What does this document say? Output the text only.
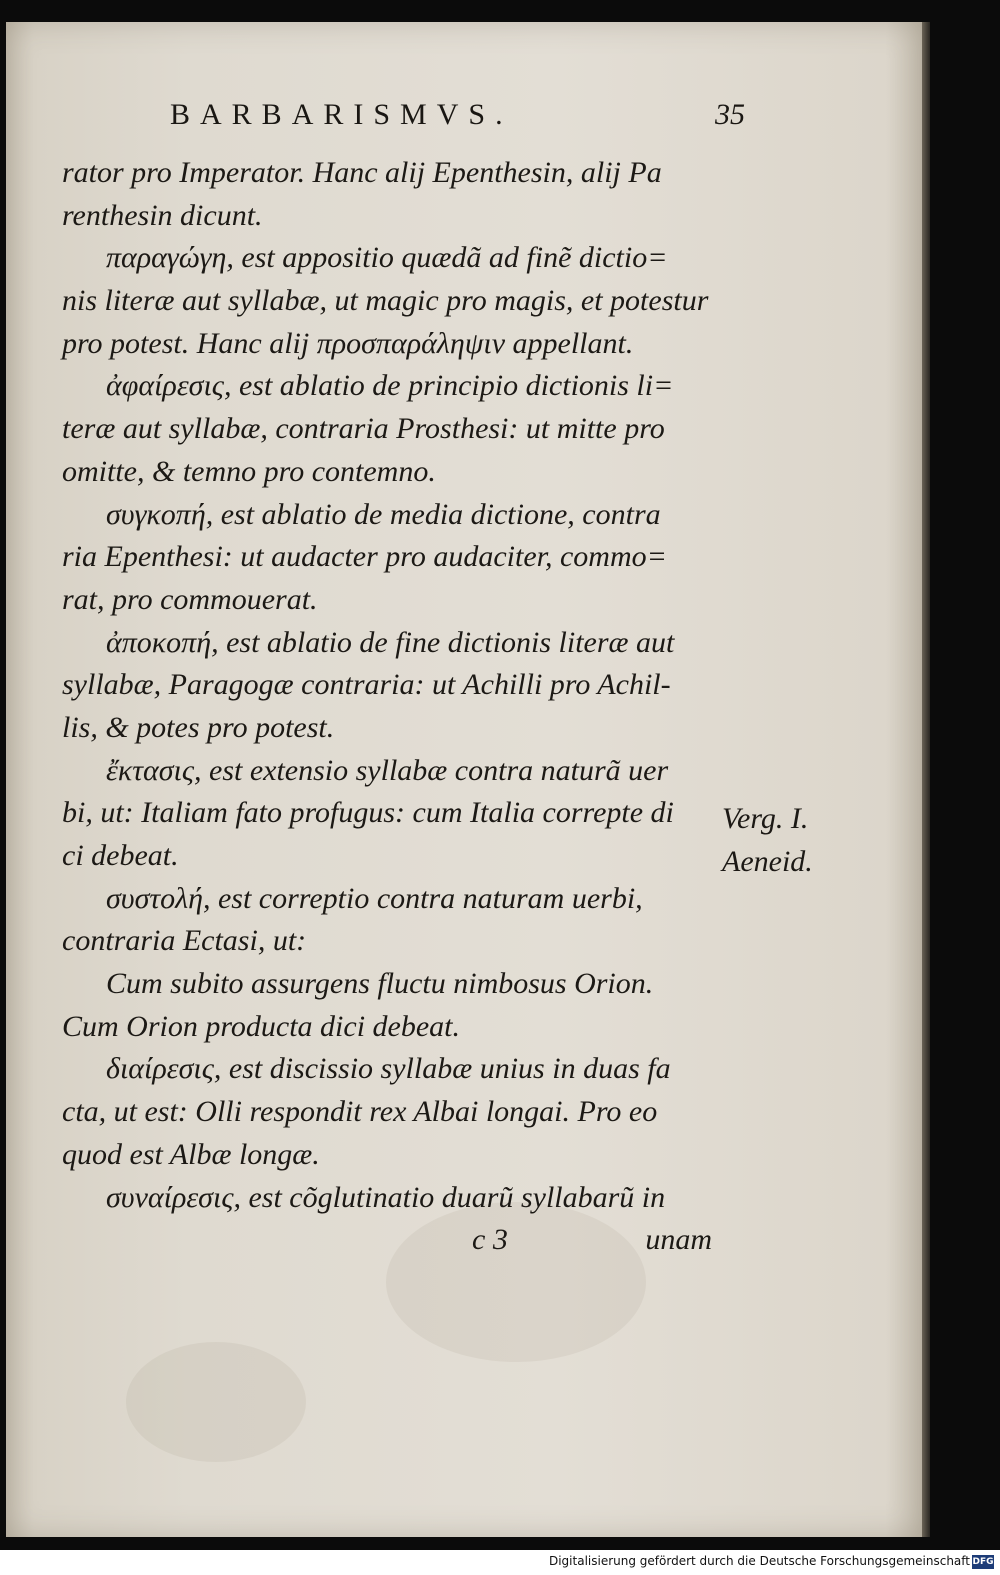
BARBARISMVS.	35
rator pro Imperator. Hanc alij Epenthesin, alij Pa
renthesin dicunt.
παραγώγη, est appositio quædã ad finẽ dictio=
nis literæ aut syllabæ, ut magic pro magis, et potestur
pro potest. Hanc alij προσπαράληψιν appellant.
ἀφαίρεσις, est ablatio de principio dictionis li=
teræ aut syllabæ, contraria Prosthesi: ut mitte pro
omitte, & temno pro contemno.
συγκοπή, est ablatio de media dictione, contra
ria Epenthesi: ut audacter pro audaciter, commo=
rat, pro commouerat.
ἀποκοπή, est ablatio de fine dictionis literæ aut
syllabæ, Paragogæ contraria: ut Achilli pro Achil-
lis, & potes pro potest.
ἔκτασις, est extensio syllabæ contra naturã uer
bi, ut: Italiam fato profugus: cum Italia correpte di
ci debeat.
συστολή, est correptio contra naturam uerbi,
contraria Ectasi, ut:
Cum subito assurgens fluctu nimbosus Orion.
Cum Orion producta dici debeat.
διαίρεσις, est discissio syllabæ unius in duas fa
cta, ut est: Olli respondit rex Albai longai. Pro eo
quod est Albæ longæ.
συναίρεσις, est cõglutinatio duarũ syllabarũ in
c 3	unam
Verg. I.
Aeneid.
Digitalisierung gefördert durch die Deutsche Forschungsgemeinschaft DFG
